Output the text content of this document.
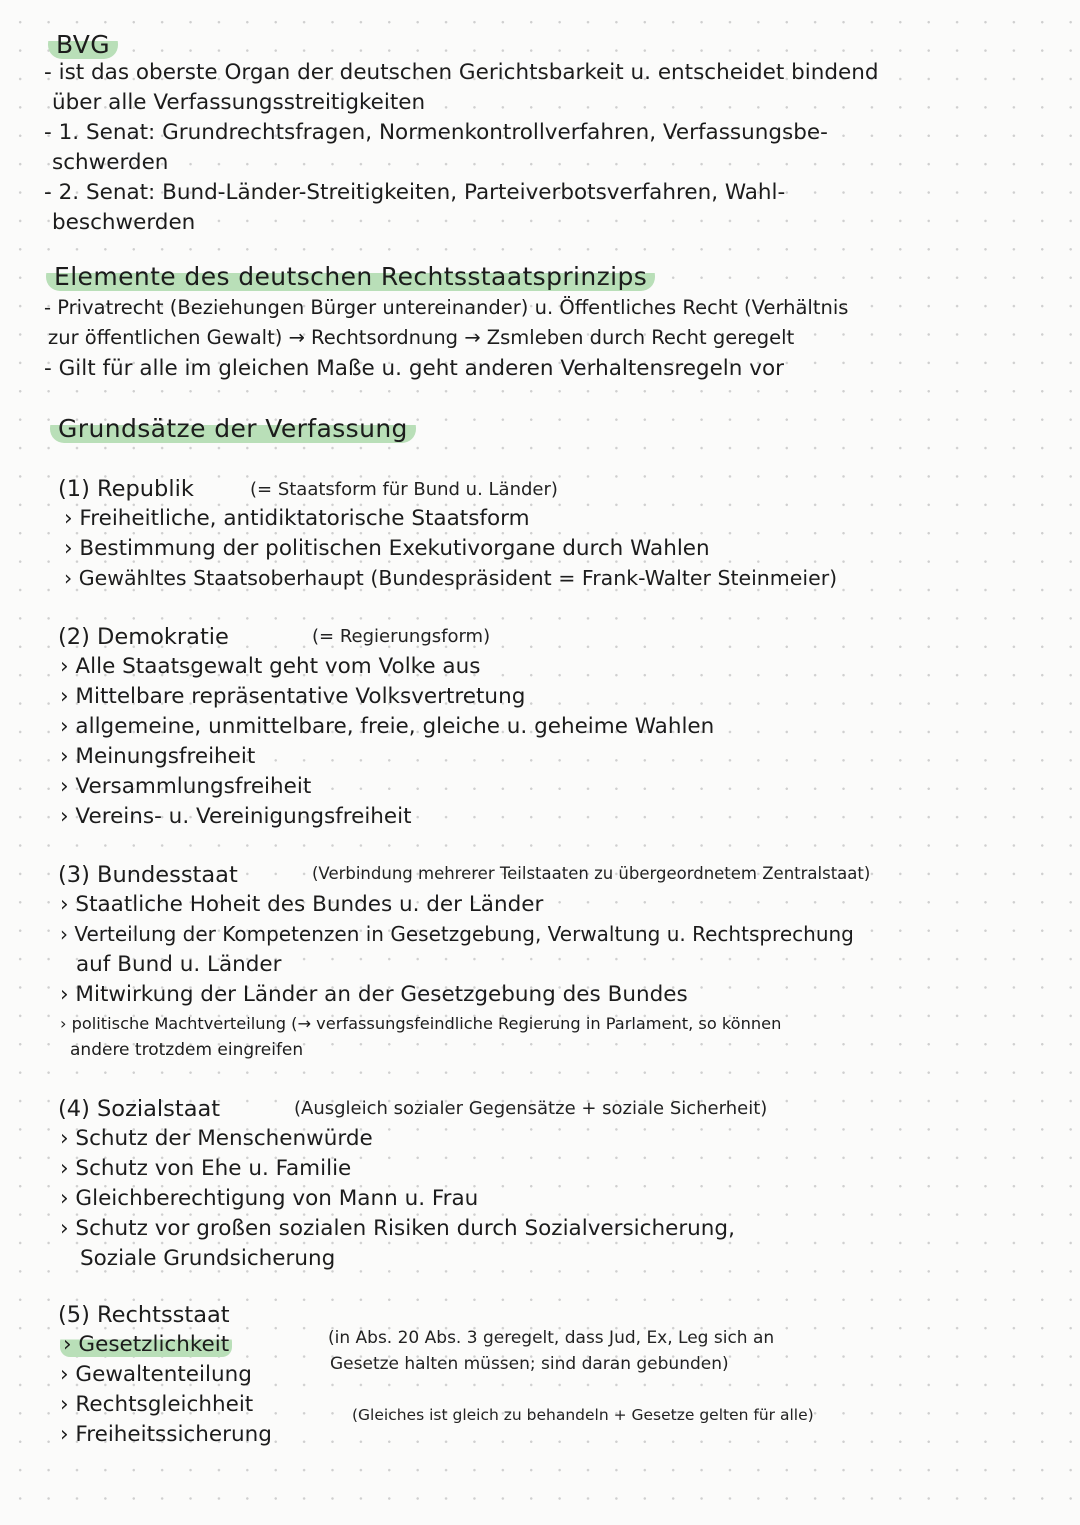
BVG
- ist das oberste Organ der deutschen Gerichtsbarkeit u. entscheidet bindend
über alle Verfassungsstreitigkeiten
- 1. Senat: Grundrechtsfragen, Normenkontrollverfahren, Verfassungsbe-
schwerden
- 2. Senat: Bund-Länder-Streitigkeiten, Parteiverbotsverfahren, Wahl-
beschwerden
Elemente des deutschen Rechtsstaatsprinzips
- Privatrecht (Beziehungen Bürger untereinander) u. Öffentliches Recht (Verhältnis
zur öffentlichen Gewalt) → Rechtsordnung → Zsmleben durch Recht geregelt
- Gilt für alle im gleichen Maße u. geht anderen Verhaltensregeln vor
Grundsätze der Verfassung
(1) Republik	(= Staatsform für Bund u. Länder)
› Freiheitliche, antidiktatorische Staatsform
› Bestimmung der politischen Exekutivorgane durch Wahlen
› Gewähltes Staatsoberhaupt (Bundespräsident = Frank-Walter Steinmeier)
(2) Demokratie	(= Regierungsform)
› Alle Staatsgewalt geht vom Volke aus
› Mittelbare repräsentative Volksvertretung
› allgemeine, unmittelbare, freie, gleiche u. geheime Wahlen
› Meinungsfreiheit
› Versammlungsfreiheit
› Vereins- u. Vereinigungsfreiheit
(3) Bundesstaat	(Verbindung mehrerer Teilstaaten zu übergeordnetem Zentralstaat)
› Staatliche Hoheit des Bundes u. der Länder
› Verteilung der Kompetenzen in Gesetzgebung, Verwaltung u. Rechtsprechung
auf Bund u. Länder
› Mitwirkung der Länder an der Gesetzgebung des Bundes
› politische Machtverteilung (→ verfassungsfeindliche Regierung in Parlament, so können
andere trotzdem eingreifen
(4) Sozialstaat	(Ausgleich sozialer Gegensätze + soziale Sicherheit)
› Schutz der Menschenwürde
› Schutz von Ehe u. Familie
› Gleichberechtigung von Mann u. Frau
› Schutz vor großen sozialen Risiken durch Sozialversicherung,
Soziale Grundsicherung
(5) Rechtsstaat
› Gesetzlichkeit
› Gewaltenteilung
› Rechtsgleichheit
› Freiheitssicherung
(in Abs. 20 Abs. 3 geregelt, dass Jud, Ex, Leg sich an
Gesetze halten müssen; sind daran gebunden)
(Gleiches ist gleich zu behandeln + Gesetze gelten für alle)
